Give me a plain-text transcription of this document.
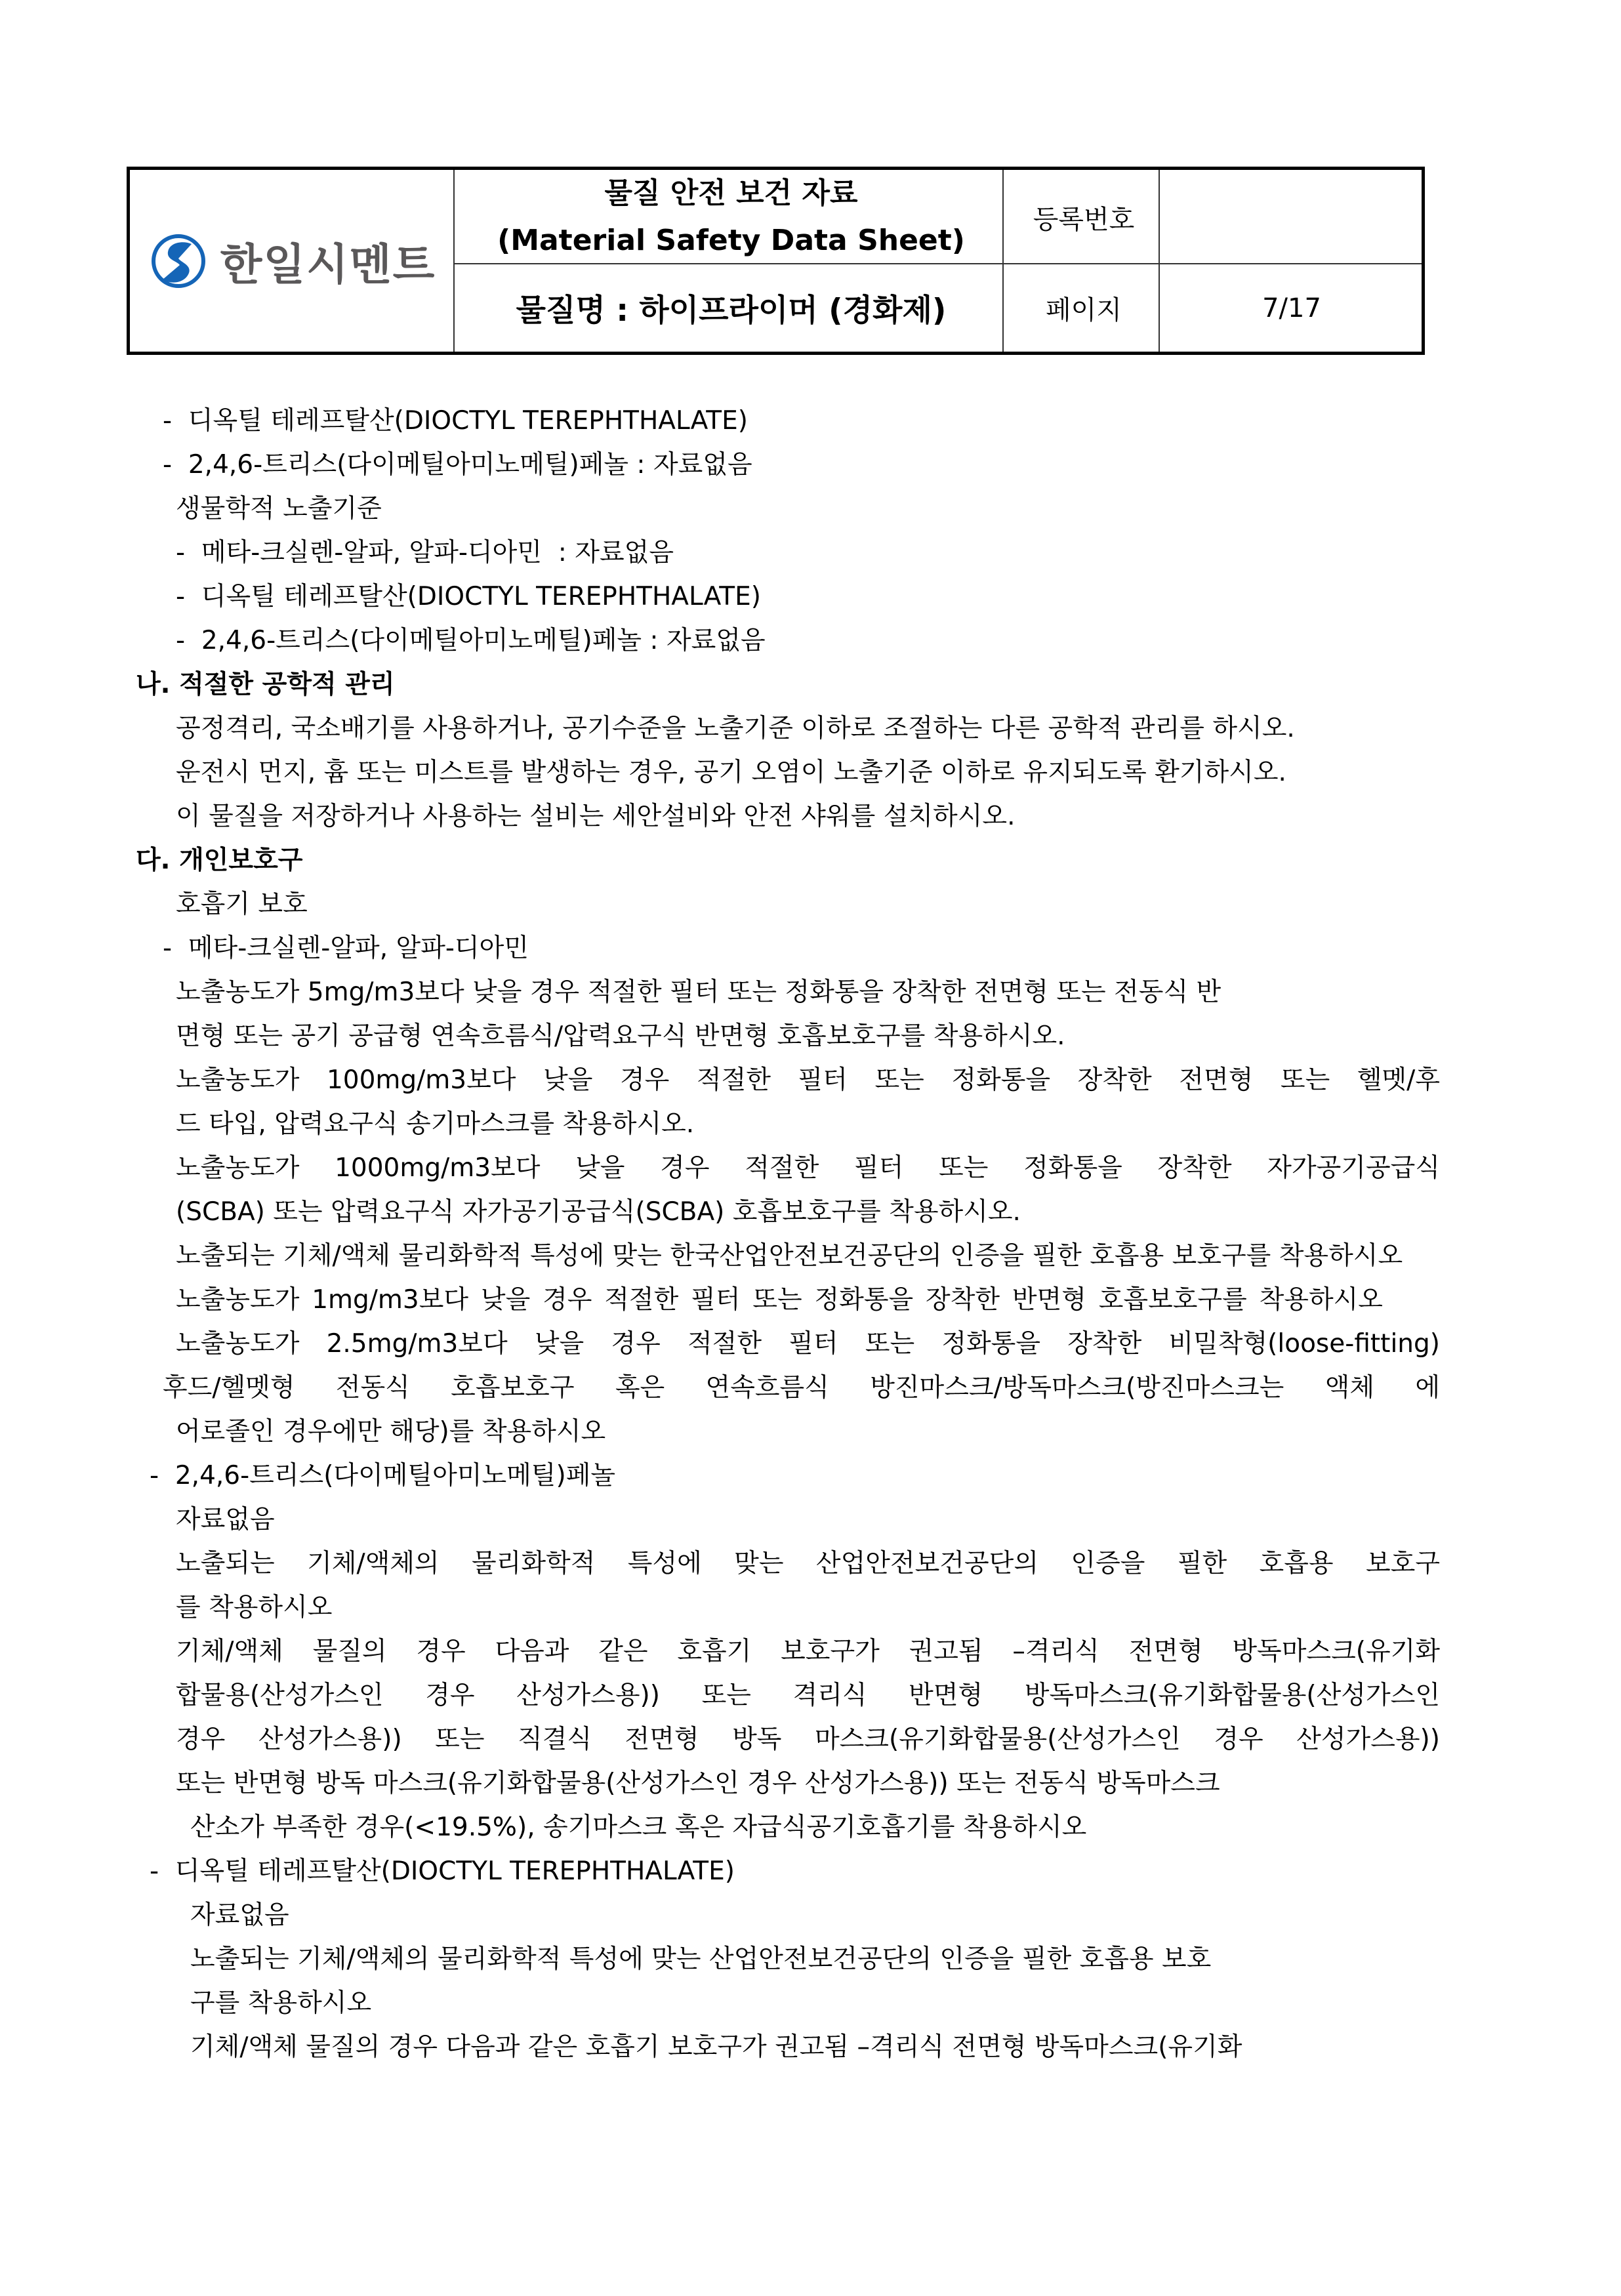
한일시멘트
물질 안전 보건 자료
(Material Safety Data Sheet)
물질명 : 하이프라이머 (경화제)
등록번호
페이지	7/17
-  디옥틸 테레프탈산(DIOCTYL TEREPHTHALATE)
-  2,4,6-트리스(다이메틸아미노메틸)페놀 : 자료없음
생물학적 노출기준
-  메타-크실렌-알파, 알파-디아민  : 자료없음
-  디옥틸 테레프탈산(DIOCTYL TEREPHTHALATE)
-  2,4,6-트리스(다이메틸아미노메틸)페놀 : 자료없음
나. 적절한 공학적 관리
공정격리, 국소배기를 사용하거나, 공기수준을 노출기준 이하로 조절하는 다른 공학적 관리를 하시오.
운전시 먼지, 흄 또는 미스트를 발생하는 경우, 공기 오염이 노출기준 이하로 유지되도록 환기하시오.
이 물질을 저장하거나 사용하는 설비는 세안설비와 안전 샤워를 설치하시오.
다. 개인보호구
호흡기 보호
-  메타-크실렌-알파, 알파-디아민
노출농도가 5mg/m3보다 낮을 경우 적절한 필터 또는 정화통을 장착한 전면형 또는 전동식 반
면형 또는 공기 공급형 연속흐름식/압력요구식 반면형 호흡보호구를 착용하시오.
노출농도가 100mg/m3보다 낮을 경우 적절한 필터 또는 정화통을 장착한 전면형 또는 헬멧/후
드 타입, 압력요구식 송기마스크를 착용하시오.
노출농도가 1000mg/m3보다 낮을 경우 적절한 필터 또는 정화통을 장착한 자가공기공급식
(SCBA) 또는 압력요구식 자가공기공급식(SCBA) 호흡보호구를 착용하시오.
노출되는 기체/액체 물리화학적 특성에 맞는 한국산업안전보건공단의 인증을 필한 호흡용 보호구를 착용하시오
노출농도가 1mg/m3보다 낮을 경우 적절한 필터 또는 정화통을 장착한 반면형 호흡보호구를 착용하시오
노출농도가 2.5mg/m3보다 낮을 경우 적절한 필터 또는 정화통을 장착한 비밀착형(loose-fitting)
후드/헬멧형 전동식 호흡보호구 혹은 연속흐름식 방진마스크/방독마스크(방진마스크는 액체 에
어로졸인 경우에만 해당)를 착용하시오
-  2,4,6-트리스(다이메틸아미노메틸)페놀
자료없음
노출되는 기체/액체의 물리화학적 특성에 맞는 산업안전보건공단의 인증을 필한 호흡용 보호구
를 착용하시오
기체/액체 물질의 경우 다음과 같은 호흡기 보호구가 권고됨 –격리식 전면형 방독마스크(유기화
합물용(산성가스인 경우 산성가스용)) 또는 격리식 반면형 방독마스크(유기화합물용(산성가스인
경우 산성가스용)) 또는 직결식 전면형 방독 마스크(유기화합물용(산성가스인 경우 산성가스용))
또는 반면형 방독 마스크(유기화합물용(산성가스인 경우 산성가스용)) 또는 전동식 방독마스크
산소가 부족한 경우(<19.5%), 송기마스크 혹은 자급식공기호흡기를 착용하시오
-  디옥틸 테레프탈산(DIOCTYL TEREPHTHALATE)
자료없음
노출되는 기체/액체의 물리화학적 특성에 맞는 산업안전보건공단의 인증을 필한 호흡용 보호
구를 착용하시오
기체/액체 물질의 경우 다음과 같은 호흡기 보호구가 권고됨 –격리식 전면형 방독마스크(유기화
